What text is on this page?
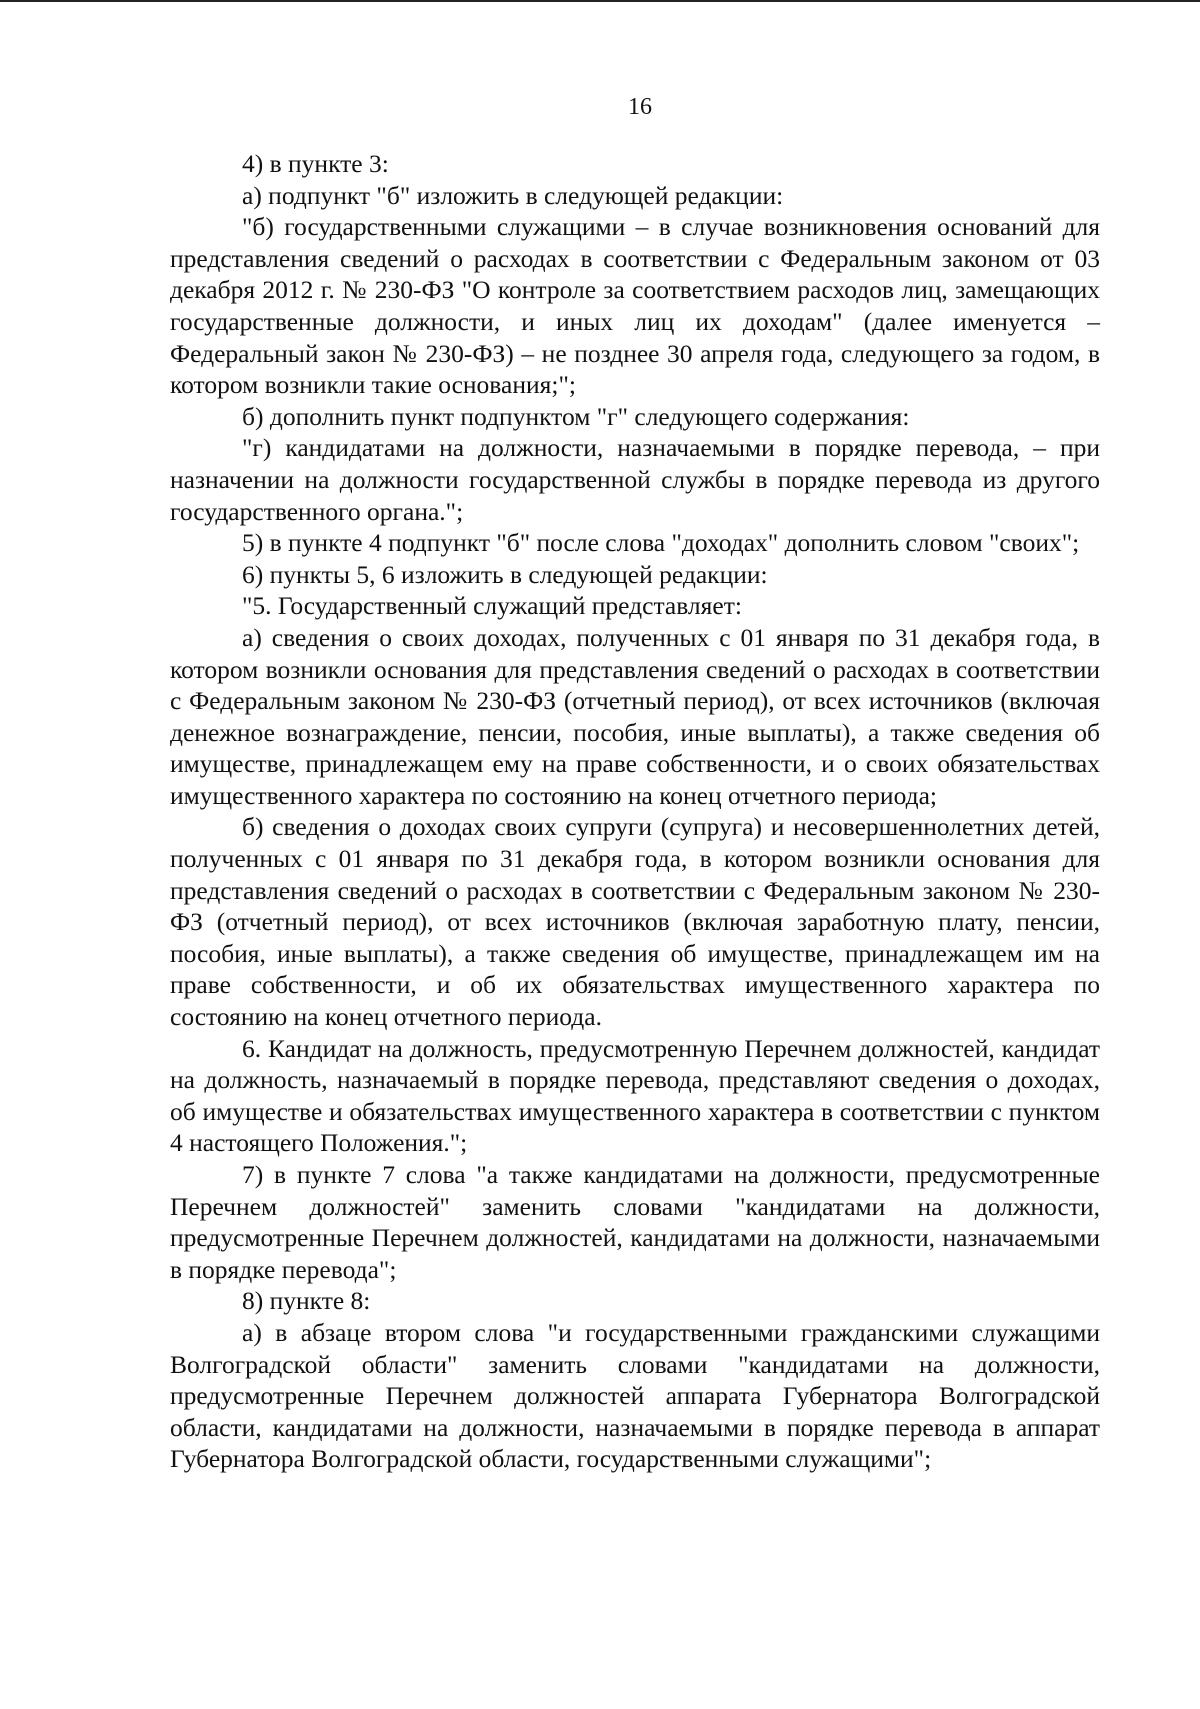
16

4) в пункте 3:

а) подпункт "б" изложить в следующей редакции:

"б) государственными служащими – в случае возникновения оснований для представления сведений о расходах в соответствии с Федеральным законом от 03 декабря 2012 г. № 230-ФЗ "О контроле за соответствием расходов лиц, замещающих государственные должности, и иных лиц их доходам" (далее именуется – Федеральный закон № 230-ФЗ) – не позднее 30 апреля года, следующего за годом, в котором возникли такие основания;";

б) дополнить пункт подпунктом "г" следующего содержания:

"г) кандидатами на должности, назначаемыми в порядке перевода, – при назначении на должности государственной службы в порядке перевода из другого государственного органа.";

5) в пункте 4 подпункт "б" после слова "доходах" дополнить словом "своих";

6) пункты 5, 6 изложить в следующей редакции:

"5. Государственный служащий представляет:

а) сведения о своих доходах, полученных с 01 января по 31 декабря года, в котором возникли основания для представления сведений о расходах в соответствии с Федеральным законом № 230-ФЗ (отчетный период), от всех источников (включая денежное вознаграждение, пенсии, пособия, иные выплаты), а также сведения об имуществе, принадлежащем ему на праве собственности, и о своих обязательствах имущественного характера по состоянию на конец отчетного периода;

б) сведения о доходах своих супруги (супруга) и несовершеннолетних детей, полученных с 01 января по 31 декабря года, в котором возникли основания для представления сведений о расходах в соответствии с Федеральным законом № 230-ФЗ (отчетный период), от всех источников (включая заработную плату, пенсии, пособия, иные выплаты), а также сведения об имуществе, принадлежащем им на праве собственности, и об их обязательствах имущественного характера по состоянию на конец отчетного периода.

6. Кандидат на должность, предусмотренную Перечнем должностей, кандидат на должность, назначаемый в порядке перевода, представляют сведения о доходах, об имуществе и обязательствах имущественного характера в соответствии с пунктом 4 настоящего Положения.";

7) в пункте 7 слова "а также кандидатами на должности, предусмотренные Перечнем должностей" заменить словами "кандидатами на должности, предусмотренные Перечнем должностей, кандидатами на должности, назначаемыми в порядке перевода";

8) пункте 8:

а) в абзаце втором слова "и государственными гражданскими служащими Волгоградской области" заменить словами "кандидатами на должности, предусмотренные Перечнем должностей аппарата Губернатора Волгоградской области, кандидатами на должности, назначаемыми в порядке перевода в аппарат Губернатора Волгоградской области, государственными служащими";
